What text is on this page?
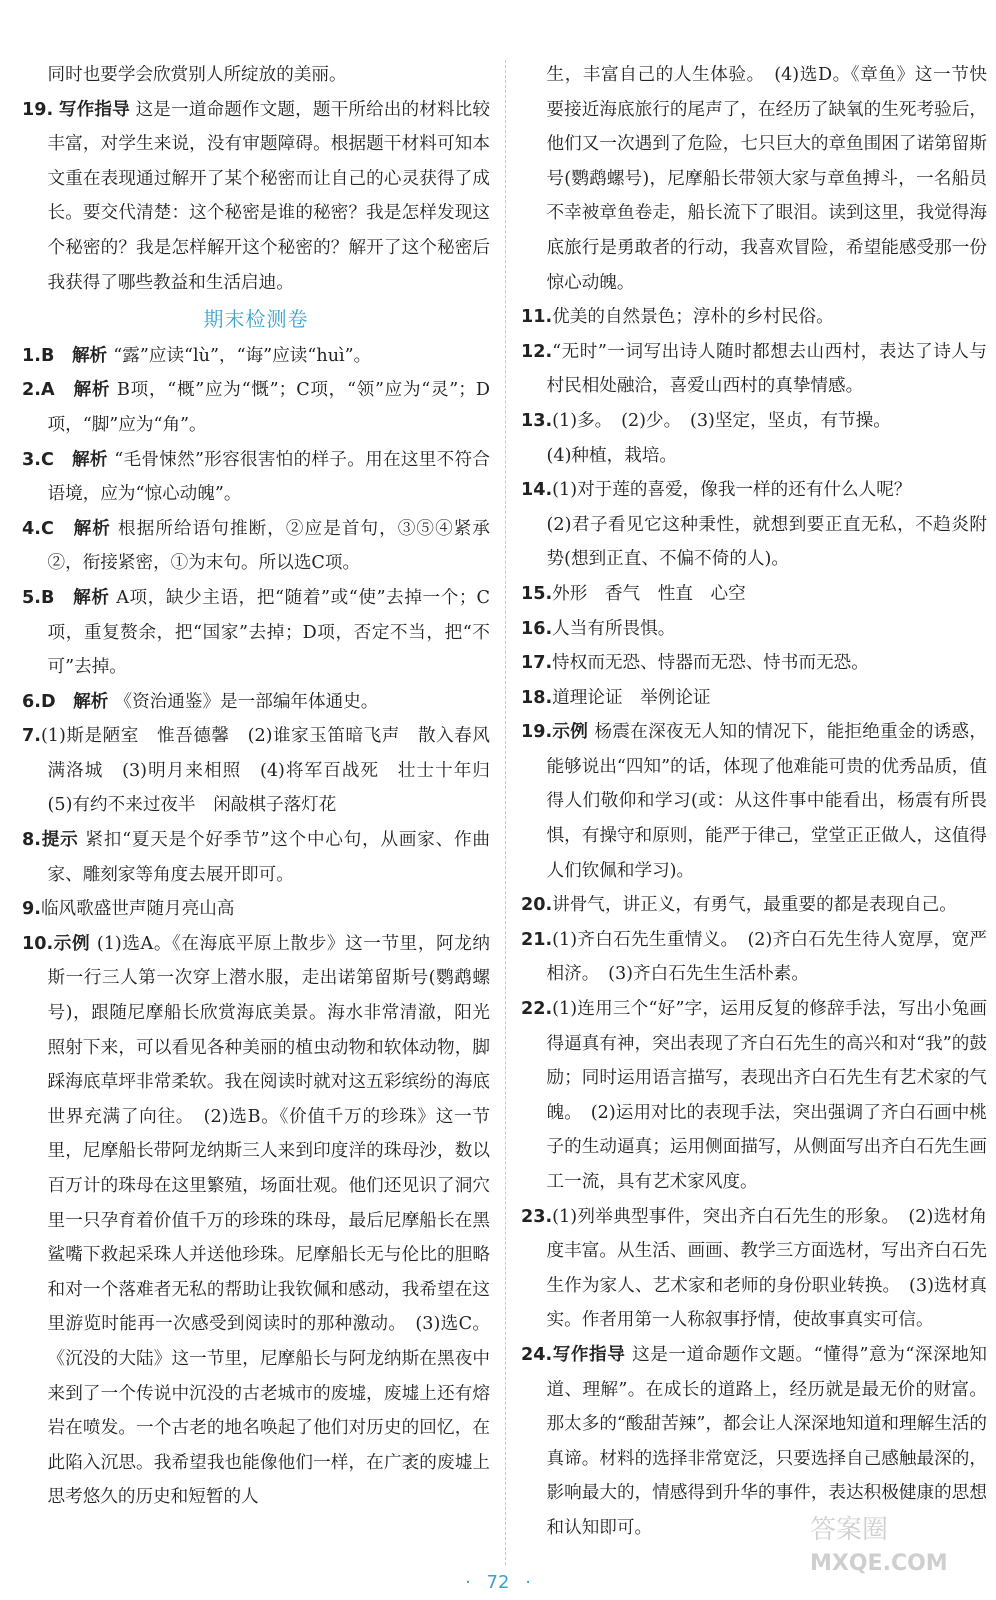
同时也要学会欣赏别人所绽放的美丽。

19. 写作指导 这是一道命题作文题，题干所给出的材料比较丰富，对学生来说，没有审题障碍。根据题干材料可知本文重在表现通过解开了某个秘密而让自己的心灵获得了成长。要交代清楚：这个秘密是谁的秘密？我是怎样发现这个秘密的？我是怎样解开这个秘密的？解开了这个秘密后我获得了哪些教益和生活启迪。

期末检测卷

1.B　解析 “露”应读“lù”，“诲”应读“huì”。

2.A　解析 B项，“概”应为“慨”；C项，“领”应为“灵”；D项，“脚”应为“角”。

3.C　解析 “毛骨悚然”形容很害怕的样子。用在这里不符合语境，应为“惊心动魄”。

4.C　解析 根据所给语句推断，②应是首句，③⑤④紧承②，衔接紧密，①为末句。所以选C项。

5.B　解析 A项，缺少主语，把“随着”或“使”去掉一个；C项，重复赘余，把“国家”去掉；D项，否定不当，把“不可”去掉。

6.D　解析 《资治通鉴》是一部编年体通史。

7.(1)斯是陋室　惟吾德馨　(2)谁家玉笛暗飞声　散入春风满洛城　(3)明月来相照　(4)将军百战死　壮士十年归　(5)有约不来过夜半　闲敲棋子落灯花

8.提示 紧扣“夏天是个好季节”这个中心句，从画家、作曲家、雕刻家等角度去展开即可。

9.临风歌盛世声随月亮山高

10.示例 (1)选A。《在海底平原上散步》这一节里，阿龙纳斯一行三人第一次穿上潜水服，走出诺第留斯号(鹦鹉螺号)，跟随尼摩船长欣赏海底美景。海水非常清澈，阳光照射下来，可以看见各种美丽的植虫动物和软体动物，脚踩海底草坪非常柔软。我在阅读时就对这五彩缤纷的海底世界充满了向往。　(2)选B。《价值千万的珍珠》这一节里，尼摩船长带阿龙纳斯三人来到印度洋的珠母沙，数以百万计的珠母在这里繁殖，场面壮观。他们还见识了洞穴里一只孕育着价值千万的珍珠的珠母，最后尼摩船长在黑鲨嘴下救起采珠人并送他珍珠。尼摩船长无与伦比的胆略和对一个落难者无私的帮助让我钦佩和感动，我希望在这里游览时能再一次感受到阅读时的那种激动。　(3)选C。《沉没的大陆》这一节里，尼摩船长与阿龙纳斯在黑夜中来到了一个传说中沉没的古老城市的废墟，废墟上还有熔岩在喷发。一个古老的地名唤起了他们对历史的回忆，在此陷入沉思。我希望我也能像他们一样，在广袤的废墟上思考悠久的历史和短暂的人

生，丰富自己的人生体验。　(4)选D。《章鱼》这一节快要接近海底旅行的尾声了，在经历了缺氧的生死考验后，他们又一次遇到了危险，七只巨大的章鱼围困了诺第留斯号(鹦鹉螺号)，尼摩船长带领大家与章鱼搏斗，一名船员不幸被章鱼卷走，船长流下了眼泪。读到这里，我觉得海底旅行是勇敢者的行动，我喜欢冒险，希望能感受那一份惊心动魄。

11.优美的自然景色；淳朴的乡村民俗。

12.“无时”一词写出诗人随时都想去山西村，表达了诗人与村民相处融洽，喜爱山西村的真挚情感。

13.(1)多。　(2)少。　(3)坚定，坚贞，有节操。

(4)种植，栽培。

14.(1)对于莲的喜爱，像我一样的还有什么人呢？

(2)君子看见它这种秉性，就想到要正直无私，不趋炎附势(想到正直、不偏不倚的人)。

15.外形　香气　性直　心空

16.人当有所畏惧。

17.恃权而无恐、恃器而无恐、恃书而无恐。

18.道理论证　举例论证

19.示例 杨震在深夜无人知的情况下，能拒绝重金的诱惑，能够说出“四知”的话，体现了他难能可贵的优秀品质，值得人们敬仰和学习(或：从这件事中能看出，杨震有所畏惧，有操守和原则，能严于律己，堂堂正正做人，这值得人们钦佩和学习)。

20.讲骨气，讲正义，有勇气，最重要的都是表现自己。

21.(1)齐白石先生重情义。　(2)齐白石先生待人宽厚，宽严相济。　(3)齐白石先生生活朴素。

22.(1)连用三个“好”字，运用反复的修辞手法，写出小兔画得逼真有神，突出表现了齐白石先生的高兴和对“我”的鼓励；同时运用语言描写，表现出齐白石先生有艺术家的气魄。　(2)运用对比的表现手法，突出强调了齐白石画中桃子的生动逼真；运用侧面描写，从侧面写出齐白石先生画工一流，具有艺术家风度。

23.(1)列举典型事件，突出齐白石先生的形象。　(2)选材角度丰富。从生活、画画、教学三方面选材，写出齐白石先生作为家人、艺术家和老师的身份职业转换。　(3)选材真实。作者用第一人称叙事抒情，使故事真实可信。

24.写作指导 这是一道命题作文题。“懂得”意为“深深地知道、理解”。在成长的道路上，经历就是最无价的财富。那太多的“酸甜苦辣”，都会让人深深地知道和理解生活的真谛。材料的选择非常宽泛，只要选择自己感触最深的，影响最大的，情感得到升华的事件，表达积极健康的思想和认知即可。

· 72 ·
答案圈
MXQE.COM
